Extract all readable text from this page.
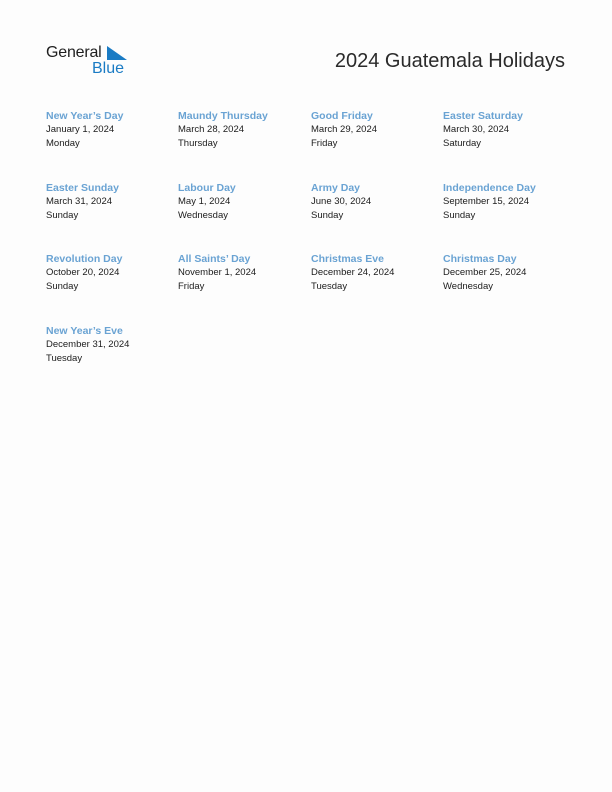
General
Blue	2024 Guatemala Holidays
New Year’s Day
January 1, 2024
Monday
Maundy Thursday
March 28, 2024
Thursday
Good Friday
March 29, 2024
Friday
Easter Saturday
March 30, 2024
Saturday
Easter Sunday
March 31, 2024
Sunday
Labour Day
May 1, 2024
Wednesday
Army Day
June 30, 2024
Sunday
Independence Day
September 15, 2024
Sunday
Revolution Day
October 20, 2024
Sunday
All Saints’ Day
November 1, 2024
Friday
Christmas Eve
December 24, 2024
Tuesday
Christmas Day
December 25, 2024
Wednesday
New Year’s Eve
December 31, 2024
Tuesday
